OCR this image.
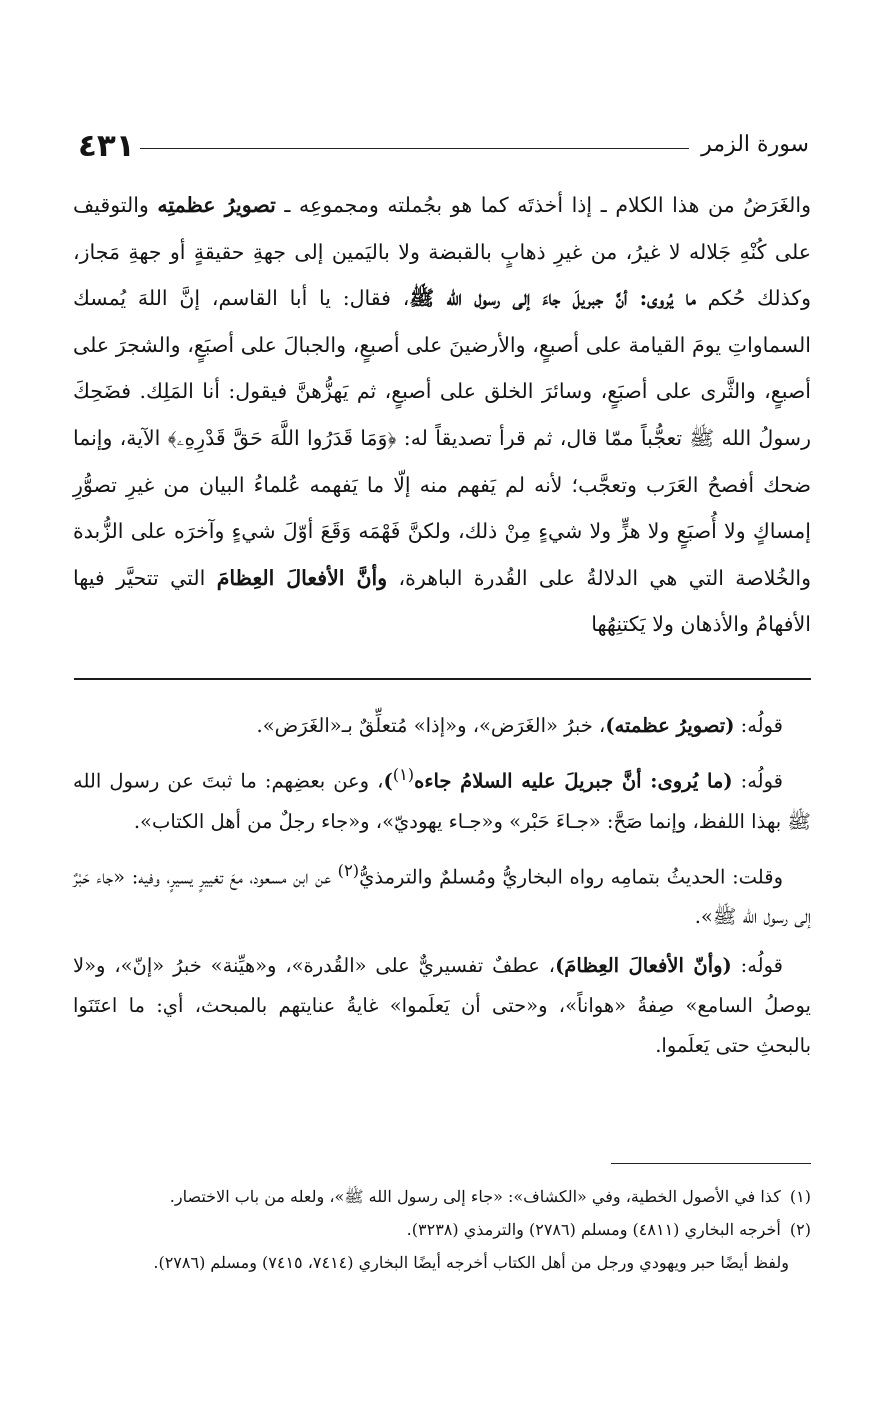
٤٣١	سورة الزمر
والغَرَضُ من هذا الكلام ـ إذا أخذتَه كما هو بجُملته ومجموعِه ـ تصويرُ عظمتِه والتوقيف على كُنْهِ جَلاله لا غيرُ، من غيرِ ذهابٍ بالقبضة ولا باليَمين إلى جهةِ حقيقةٍ أو جهةِ مَجاز، وكذلك حُكم ما يُروى: أنَّ جبريلَ جاءَ إلى رسول الله ﷺ، فقال: يا أبا القاسم، إنَّ اللهَ يُمسك السماواتِ يومَ القيامة على أصبعٍ، والأرضينَ على أصبعٍ، والجبالَ على أصبَعٍ، والشجرَ على أصبعٍ، والثَّرى على أصبَعٍ، وسائرَ الخلق على أصبعٍ، ثم يَهزُّهنَّ فيقول: أنا المَلِك. فضَحِكَ رسولُ الله ﷺ تعجُّباً ممّا قال، ثم قرأ تصديقاً له: ﴿وَمَا قَدَرُوا اللَّهَ حَقَّ قَدْرِهِۦ﴾ الآية، وإنما ضحك أفصحُ العَرَب وتعجَّب؛ لأنه لم يَفهم منه إلّا ما يَفهمه عُلماءُ البيان من غيرِ تصوُّرِ إمساكٍ ولا أُصبَعٍ ولا هزٍّ ولا شيءٍ مِنْ ذلك، ولكنَّ فَهْمَه وَقَعَ أوّلَ شيءٍ وآخرَه على الزُّبدة والخُلاصة التي هي الدلالةُ على القُدرة الباهرة، وأنَّ الأفعالَ العِظامَ التي تتحيَّر فيها الأفهامُ والأذهان ولا يَكتنِهُها

قولُه: (تصويرُ عظمته)، خبرُ «الغَرَض»، و«إذا» مُتعلِّقٌ بـ«الغَرَض».

قولُه: (ما يُروى: أنَّ جبريلَ عليه السلامُ جاءه$^{(١)}$)، وعن بعضِهم: ما ثبتَ عن رسول الله ﷺ بهذا اللفظ، وإنما صَحَّ: «جـاءَ حَبْر» و«جـاء يهوديّ»، و«جاء رجلٌ من أهل الكتاب».

وقلت: الحديثُ بتمامِه رواه البخاريُّ ومُسلمٌ والترمذيُّ$^{(٢)}$ عن ابن مسعود، معَ تغييرٍ يسيرٍ، وفيه: «جاء حَبْرٌ إلى رسول الله ﷺ».

قولُه: (وأنّ الأفعالَ العِظامَ)، عطفٌ تفسيريٌّ على «القُدرة»، و«هيِّنة» خبرُ «إنّ»، و«لا يوصلُ السامع» صِفةُ «هواناً»، و«حتى أن يَعلَموا» غايةُ عنايتهم بالمبحث، أي: ما اعتَنَوا بالبحثِ حتى يَعلَموا.

(١) كذا في الأصول الخطية، وفي «الكشاف»: «جاء إلى رسول الله ﷺ»، ولعله من باب الاختصار.

(٢) أخرجه البخاري (٤٨١١) ومسلم (٢٧٨٦) والترمذي (٣٢٣٨).

ولفظ أيضًا حبر ويهودي ورجل من أهل الكتاب أخرجه أيضًا البخاري (٧٤١٤، ٧٤١٥) ومسلم (٢٧٨٦).
